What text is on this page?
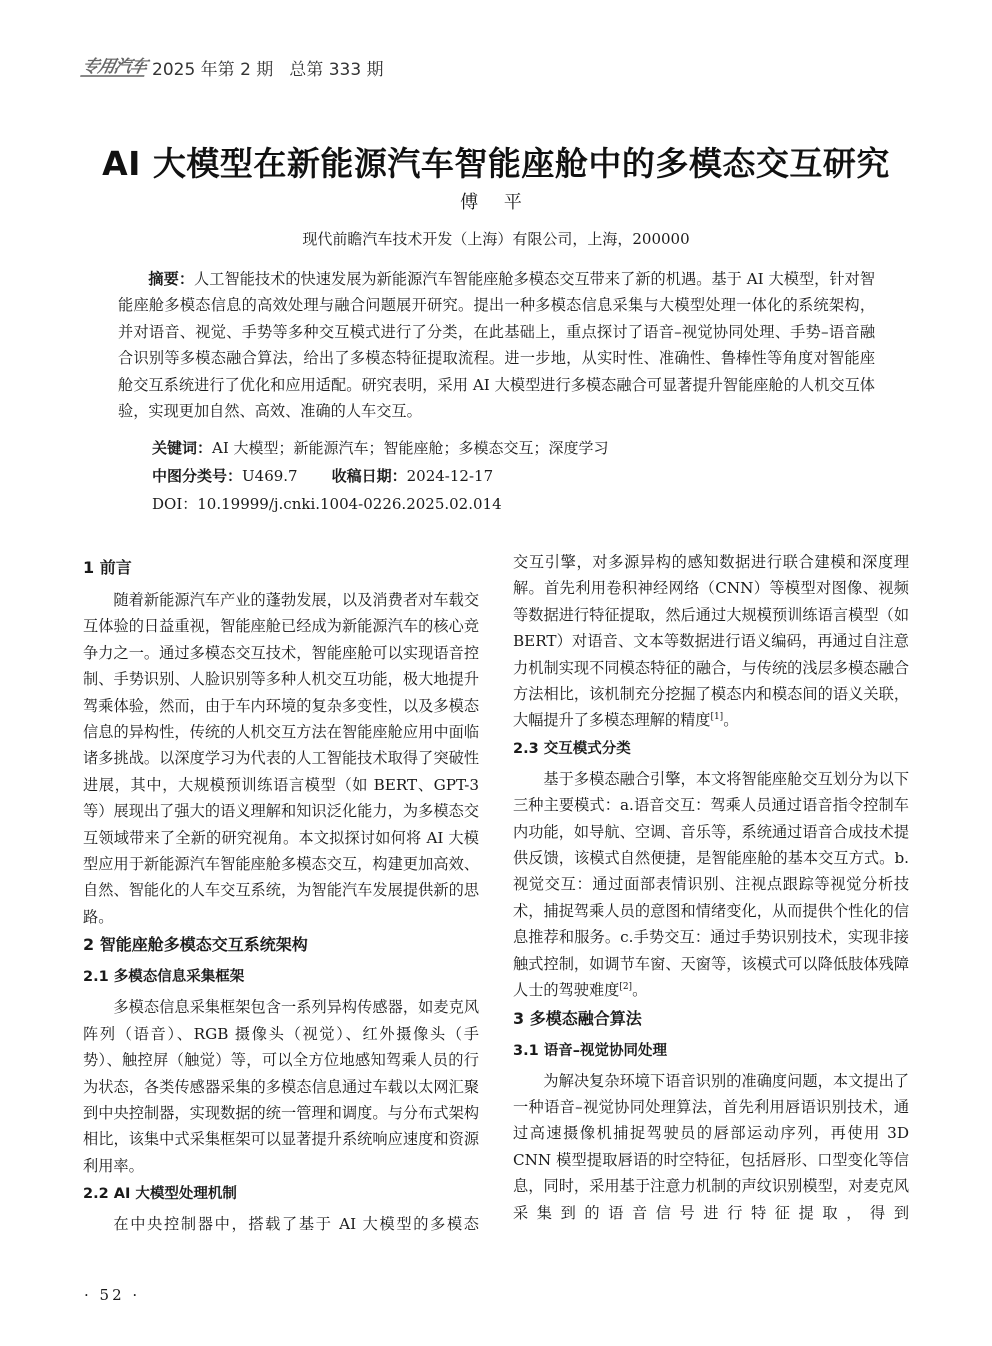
专用汽车 2025 年第 2 期 总第 333 期
AI 大模型在新能源汽车智能座舱中的多模态交互研究
傅 平
现代前瞻汽车技术开发（上海）有限公司，上海，200000

摘要：人工智能技术的快速发展为新能源汽车智能座舱多模态交互带来了新的机遇。基于 AI 大模型，针对智能座舱多模态信息的高效处理与融合问题展开研究。提出一种多模态信息采集与大模型处理一体化的系统架构，并对语音、视觉、手势等多种交互模式进行了分类，在此基础上，重点探讨了语音–视觉协同处理、手势–语音融合识别等多模态融合算法，给出了多模态特征提取流程。进一步地，从实时性、准确性、鲁棒性等角度对智能座舱交互系统进行了优化和应用适配。研究表明，采用 AI 大模型进行多模态融合可显著提升智能座舱的人机交互体验，实现更加自然、高效、准确的人车交互。

关键词：AI 大模型；新能源汽车；智能座舱；多模态交互；深度学习
中图分类号：U469.7 收稿日期：2024-12-17
DOI：10.19999/j.cnki.1004-0226.2025.02.014
1 前言

随着新能源汽车产业的蓬勃发展，以及消费者对车载交互体验的日益重视，智能座舱已经成为新能源汽车的核心竞争力之一。通过多模态交互技术，智能座舱可以实现语音控制、手势识别、人脸识别等多种人机交互功能，极大地提升驾乘体验，然而，由于车内环境的复杂多变性，以及多模态信息的异构性，传统的人机交互方法在智能座舱应用中面临诸多挑战。以深度学习为代表的人工智能技术取得了突破性进展，其中，大规模预训练语言模型（如 BERT、GPT-3 等）展现出了强大的语义理解和知识泛化能力，为多模态交互领域带来了全新的研究视角。本文拟探讨如何将 AI 大模型应用于新能源汽车智能座舱多模态交互，构建更加高效、自然、智能化的人车交互系统，为智能汽车发展提供新的思路。

2 智能座舱多模态交互系统架构
2.1 多模态信息采集框架

多模态信息采集框架包含一系列异构传感器，如麦克风阵列（语音）、RGB 摄像头（视觉）、红外摄像头（手势）、触控屏（触觉）等，可以全方位地感知驾乘人员的行为状态，各类传感器采集的多模态信息通过车载以太网汇聚到中央控制器，实现数据的统一管理和调度。与分布式架构相比，该集中式采集框架可以显著提升系统响应速度和资源利用率。

2.2 AI 大模型处理机制

在中央控制器中，搭载了基于 AI 大模型的多模态

交互引擎，对多源异构的感知数据进行联合建模和深度理解。首先利用卷积神经网络（CNN）等模型对图像、视频等数据进行特征提取，然后通过大规模预训练语言模型（如 BERT）对语音、文本等数据进行语义编码，再通过自注意力机制实现不同模态特征的融合，与传统的浅层多模态融合方法相比，该机制充分挖掘了模态内和模态间的语义关联，大幅提升了多模态理解的精度[1]。

2.3 交互模式分类

基于多模态融合引擎，本文将智能座舱交互划分为以下三种主要模式：a.语音交互：驾乘人员通过语音指令控制车内功能，如导航、空调、音乐等，系统通过语音合成技术提供反馈，该模式自然便捷，是智能座舱的基本交互方式。b.视觉交互：通过面部表情识别、注视点跟踪等视觉分析技术，捕捉驾乘人员的意图和情绪变化，从而提供个性化的信息推荐和服务。c.手势交互：通过手势识别技术，实现非接触式控制，如调节车窗、天窗等，该模式可以降低肢体残障人士的驾驶难度[2]。

3 多模态融合算法
3.1 语音–视觉协同处理

为解决复杂环境下语音识别的准确度问题，本文提出了一种语音–视觉协同处理算法，首先利用唇语识别技术，通过高速摄像机捕捉驾驶员的唇部运动序列，再使用 3D CNN 模型提取唇语的时空特征，包括唇形、口型变化等信息，同时，采用基于注意力机制的声纹识别模型，对麦克风采集到的语音信号进行特征提取，得到

· 52 ·
